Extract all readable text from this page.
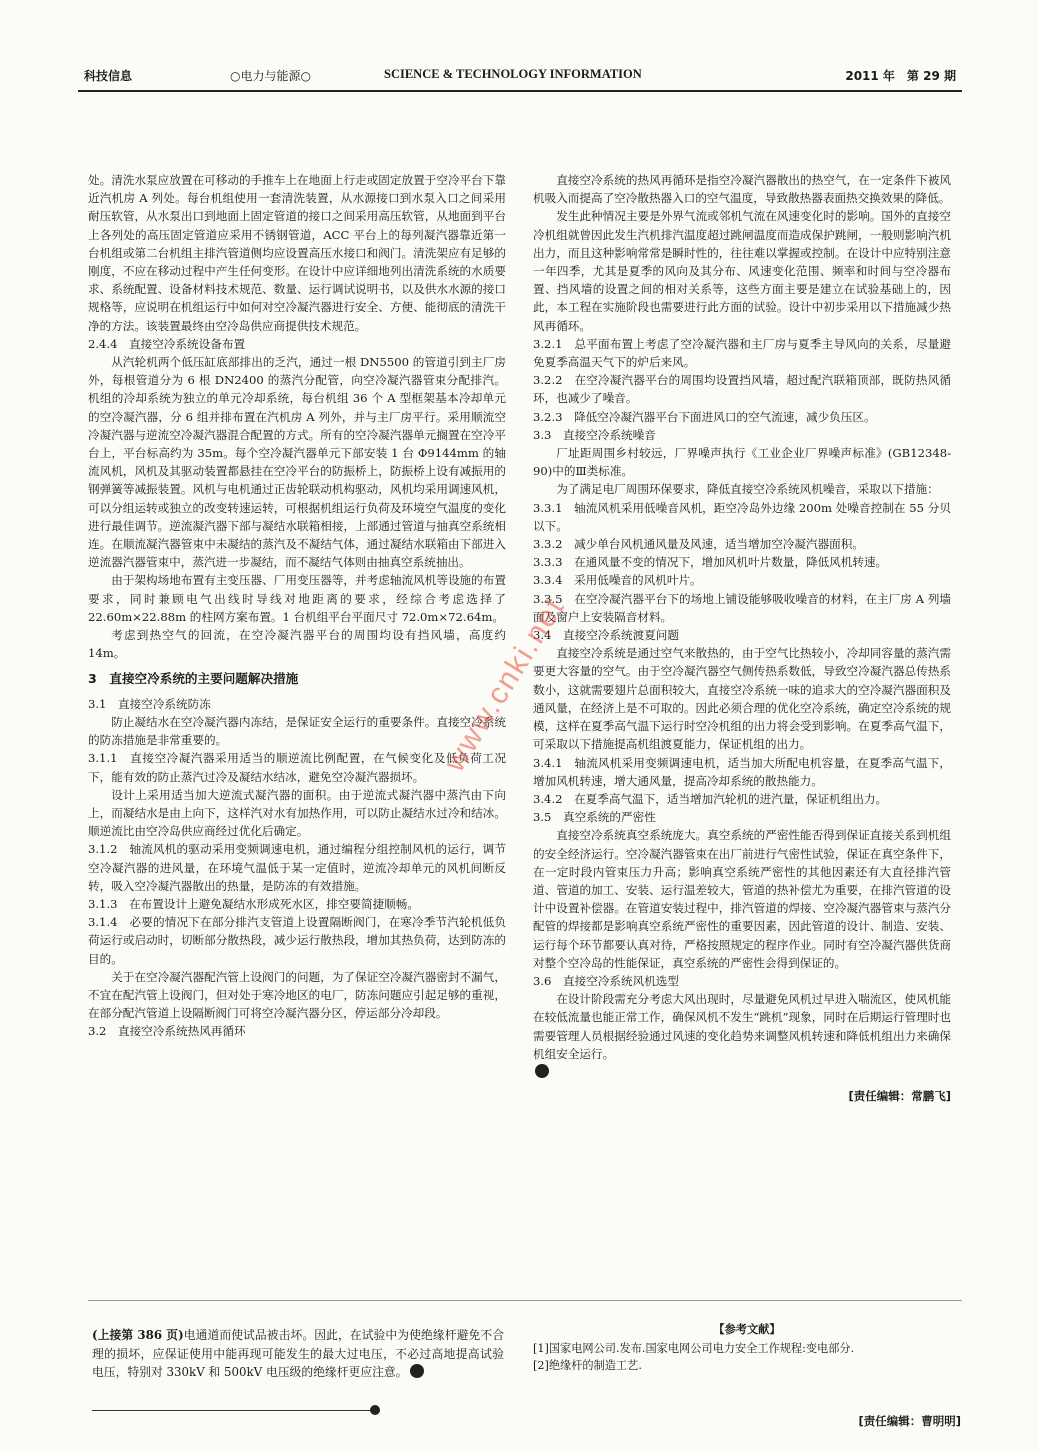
科技信息	○电力与能源○	SCIENCE & TECHNOLOGY INFORMATION	2011 年　第 29 期

处。清洗水泵应放置在可移动的手推车上在地面上行走或固定放置于空冷平台下靠近汽机房 A 列处。每台机组使用一套清洗装置，从水源接口到水泵入口之间采用耐压软管，从水泵出口到地面上固定管道的接口之间采用高压软管，从地面到平台上各列处的高压固定管道应采用不锈钢管道，ACC 平台上的每列凝汽器靠近第一台机组或第二台机组主排汽管道侧均应设置高压水接口和阀门。清洗架应有足够的刚度，不应在移动过程中产生任何变形。在设计中应详细地列出清洗系统的水质要求、系统配置、设备材料技术规范、数量、运行调试说明书，以及供水水源的接口规格等，应说明在机组运行中如何对空冷凝汽器进行安全、方便、能彻底的清洗干净的方法。该装置最终由空冷岛供应商提供技术规范。

2.4.4　直接空冷系统设备布置

从汽轮机两个低压缸底部排出的乏汽，通过一根 DN5500 的管道引到主厂房外，每根管道分为 6 根 DN2400 的蒸汽分配管，向空冷凝汽器管束分配排汽。机组的冷却系统为独立的单元冷却系统，每台机组 36 个 A 型框架基本冷却单元的空冷凝汽器，分 6 组并排布置在汽机房 A 列外，并与主厂房平行。采用顺流空冷凝汽器与逆流空冷凝汽器混合配置的方式。所有的空冷凝汽器单元搁置在空冷平台上，平台标高约为 35m。每个空冷凝汽器单元下部安装 1 台 Φ9144mm 的轴流风机，风机及其驱动装置都悬挂在空冷平台的防振桥上，防振桥上设有减振用的钢弹簧等减振装置。风机与电机通过正齿轮联动机构驱动，风机均采用调速风机，可以分组运转或独立的改变转速运转，可根据机组运行负荷及环境空气温度的变化进行最佳调节。逆流凝汽器下部与凝结水联箱相接，上部通过管道与抽真空系统相连。在顺流凝汽器管束中未凝结的蒸汽及不凝结气体，通过凝结水联箱由下部进入逆流器汽器管束中，蒸汽进一步凝结，而不凝结气体则由抽真空系统抽出。

由于架构场地布置有主变压器、厂用变压器等，并考虑轴流风机等设施的布置要求，同时兼顾电气出线时导线对地距离的要求，经综合考虑选择了 22.60m×22.88m 的柱网方案布置。1 台机组平台平面尺寸 72.0m×72.64m。

考虑到热空气的回流，在空冷凝汽器平台的周围均设有挡风墙，高度约 14m。

3　直接空冷系统的主要问题解决措施

3.1　直接空冷系统防冻

防止凝结水在空冷凝汽器内冻结，是保证安全运行的重要条件。直接空冷系统的防冻措施是非常重要的。

3.1.1　直接空冷凝汽器采用适当的顺逆流比例配置，在气候变化及低负荷工况下，能有效的防止蒸汽过冷及凝结水结冰，避免空冷凝汽器损坏。

设计上采用适当加大逆流式凝汽器的面积。由于逆流式凝汽器中蒸汽由下向上，而凝结水是由上向下，这样汽对水有加热作用，可以防止凝结水过冷和结冰。顺逆流比由空冷岛供应商经过优化后确定。

3.1.2　轴流风机的驱动采用变频调速电机，通过编程分组控制风机的运行，调节空冷凝汽器的进风量，在环境气温低于某一定值时，逆流冷却单元的风机间断反转，吸入空冷凝汽器散出的热量，是防冻的有效措施。

3.1.3　在布置设计上避免凝结水形成死水区，排空要简捷顺畅。

3.1.4　必要的情况下在部分排汽支管道上设置隔断阀门，在寒冷季节汽轮机低负荷运行或启动时，切断部分散热段，减少运行散热段，增加其热负荷，达到防冻的目的。

关于在空冷凝汽器配汽管上设阀门的问题，为了保证空冷凝汽器密封不漏气，不宜在配汽管上设阀门，但对处于寒冷地区的电厂，防冻问题应引起足够的重视，在部分配汽管道上设隔断阀门可将空冷凝汽器分区，停运部分冷却段。

3.2　直接空冷系统热风再循环

直接空冷系统的热风再循环是指空冷凝汽器散出的热空气，在一定条件下被风机吸入而提高了空冷散热器入口的空气温度，导致散热器表面热交换效果的降低。

发生此种情况主要是外界气流或邻机气流在风速变化时的影响。国外的直接空冷机组就曾因此发生汽机排汽温度超过跳闸温度而造成保护跳闸，一般则影响汽机出力，而且这种影响常常是瞬时性的，往往难以掌握或控制。在设计中应特别注意一年四季，尤其是夏季的风向及其分布、风速变化范围、频率和时间与空冷器布置、挡风墙的设置之间的相对关系等，这些方面主要是建立在试验基础上的，因此，本工程在实施阶段也需要进行此方面的试验。设计中初步采用以下措施减少热风再循环。

3.2.1　总平面布置上考虑了空冷凝汽器和主厂房与夏季主导风向的关系，尽量避免夏季高温天气下的炉后来风。

3.2.2　在空冷凝汽器平台的周围均设置挡风墙，超过配汽联箱顶部，既防热风循环，也减少了噪音。

3.2.3　降低空冷凝汽器平台下面进风口的空气流速，减少负压区。

3.3　直接空冷系统噪音

厂址距周围乡村较远，厂界噪声执行《工业企业厂界噪声标准》(GB12348-90)中的Ⅲ类标准。

为了满足电厂周围环保要求，降低直接空冷系统风机噪音，采取以下措施：

3.3.1　轴流风机采用低噪音风机，距空冷岛外边缘 200m 处噪音控制在 55 分贝以下。

3.3.2　减少单台风机通风量及风速，适当增加空冷凝汽器面积。

3.3.3　在通风量不变的情况下，增加风机叶片数量，降低风机转速。

3.3.4　采用低噪音的风机叶片。

3.3.5　在空冷凝汽器平台下的场地上铺设能够吸收噪音的材料，在主厂房 A 列墙面及窗户上安装隔音材料。

3.4　直接空冷系统渡夏问题

直接空冷系统是通过空气来散热的，由于空气比热较小，冷却同容量的蒸汽需要更大容量的空气。由于空冷凝汽器空气侧传热系数低，导致空冷凝汽器总传热系数小，这就需要翅片总面积较大，直接空冷系统一味的追求大的空冷凝汽器面积及通风量，在经济上是不可取的。因此必须合理的优化空冷系统，确定空冷系统的规模，这样在夏季高气温下运行时空冷机组的出力将会受到影响。在夏季高气温下，可采取以下措施提高机组渡夏能力，保证机组的出力。

3.4.1　轴流风机采用变频调速电机，适当加大所配电机容量，在夏季高气温下，增加风机转速，增大通风量，提高冷却系统的散热能力。

3.4.2　在夏季高气温下，适当增加汽轮机的进汽量，保证机组出力。

3.5　真空系统的严密性

直接空冷系统真空系统庞大。真空系统的严密性能否得到保证直接关系到机组的安全经济运行。空冷凝汽器管束在出厂前进行气密性试验，保证在真空条件下，在一定时段内管束压力升高；影响真空系统严密性的其他因素还有大直径排汽管道、管道的加工、安装、运行温差较大，管道的热补偿尤为重要，在排汽管道的设计中设置补偿器。在管道安装过程中，排汽管道的焊接、空冷凝汽器管束与蒸汽分配管的焊接都是影响真空系统严密性的重要因素，因此管道的设计、制造、安装、运行每个环节都要认真对待，严格按照规定的程序作业。同时有空冷凝汽器供货商对整个空冷岛的性能保证，真空系统的严密性会得到保证的。

3.6　直接空冷系统风机选型

在设计阶段需充分考虑大风出现时，尽量避免风机过早进入喘流区，使风机能在较低流量也能正常工作，确保风机不发生“跳机”现象，同时在后期运行管理时也需要管理人员根据经验通过风速的变化趋势来调整风机转速和降低机组出力来确保机组安全运行。

[责任编辑：常鹏飞]
www.cnki.net
(上接第 386 页)电通道而使试品被击坏。因此，在试验中为使绝缘杆避免不合理的损坏，应保证使用中能再现可能发生的最大过电压，不必过高地提高试验电压，特别对 330kV 和 500kV 电压级的绝缘杆更应注意。
【参考文献】
[1]国家电网公司.发布.国家电网公司电力安全工作规程:变电部分.
[2]绝缘杆的制造工艺.
[责任编辑：曹明明]
